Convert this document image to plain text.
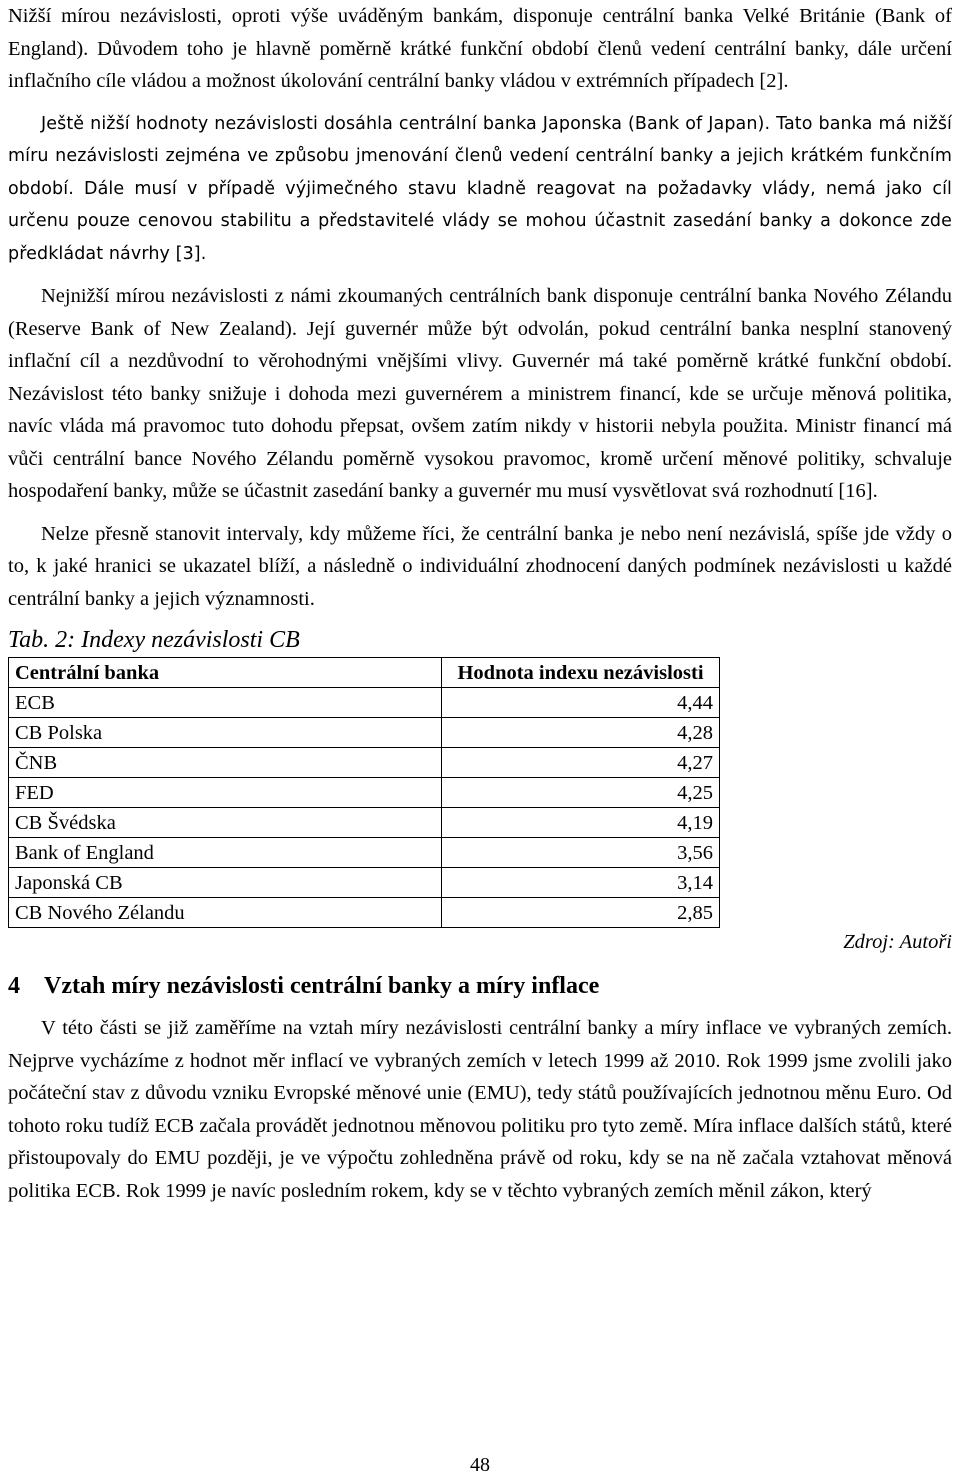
Nižší mírou nezávislosti, oproti výše uváděným bankám, disponuje centrální banka Velké Británie (Bank of England). Důvodem toho je hlavně poměrně krátké funkční období členů vedení centrální banky, dále určení inflačního cíle vládou a možnost úkolování centrální banky vládou v extrémních případech [2].

Ještě nižší hodnoty nezávislosti dosáhla centrální banka Japonska (Bank of Japan). Tato banka má nižší míru nezávislosti zejména ve způsobu jmenování členů vedení centrální banky a jejich krátkém funkčním období. Dále musí v případě výjimečného stavu kladně reagovat na požadavky vlády, nemá jako cíl určenu pouze cenovou stabilitu a představitelé vlády se mohou účastnit zasedání banky a dokonce zde předkládat návrhy [3].

Nejnižší mírou nezávislosti z námi zkoumaných centrálních bank disponuje centrální banka Nového Zélandu (Reserve Bank of New Zealand). Její guvernér může být odvolán, pokud centrální banka nesplní stanovený inflační cíl a nezdůvodní to věrohodnými vnějšími vlivy. Guvernér má také poměrně krátké funkční období. Nezávislost této banky snižuje i dohoda mezi guvernérem a ministrem financí, kde se určuje měnová politika, navíc vláda má pravomoc tuto dohodu přepsat, ovšem zatím nikdy v historii nebyla použita. Ministr financí má vůči centrální bance Nového Zélandu poměrně vysokou pravomoc, kromě určení měnové politiky, schvaluje hospodaření banky, může se účastnit zasedání banky a guvernér mu musí vysvětlovat svá rozhodnutí [16].

Nelze přesně stanovit intervaly, kdy můžeme říci, že centrální banka je nebo není nezávislá, spíše jde vždy o to, k jaké hranici se ukazatel blíží, a následně o individuální zhodnocení daných podmínek nezávislosti u každé centrální banky a jejich významnosti.

Tab. 2: Indexy nezávislosti CB
Centrální banka	Hodnota indexu nezávislosti
ECB	4,44
CB Polska	4,28
ČNB	4,27
FED	4,25
CB Švédska	4,19
Bank of England	3,56
Japonská CB	3,14
CB Nového Zélandu	2,85
Zdroj: Autoři
4 Vztah míry nezávislosti centrální banky a míry inflace

V této části se již zaměříme na vztah míry nezávislosti centrální banky a míry inflace ve vybraných zemích. Nejprve vycházíme z hodnot měr inflací ve vybraných zemích v letech 1999 až 2010. Rok 1999 jsme zvolili jako počáteční stav z důvodu vzniku Evropské měnové unie (EMU), tedy států používajících jednotnou měnu Euro. Od tohoto roku tudíž ECB začala provádět jednotnou měnovou politiku pro tyto země. Míra inflace dalších států, které přistoupovaly do EMU později, je ve výpočtu zohledněna právě od roku, kdy se na ně začala vztahovat měnová politika ECB. Rok 1999 je navíc posledním rokem, kdy se v těchto vybraných zemích měnil zákon, který

48
